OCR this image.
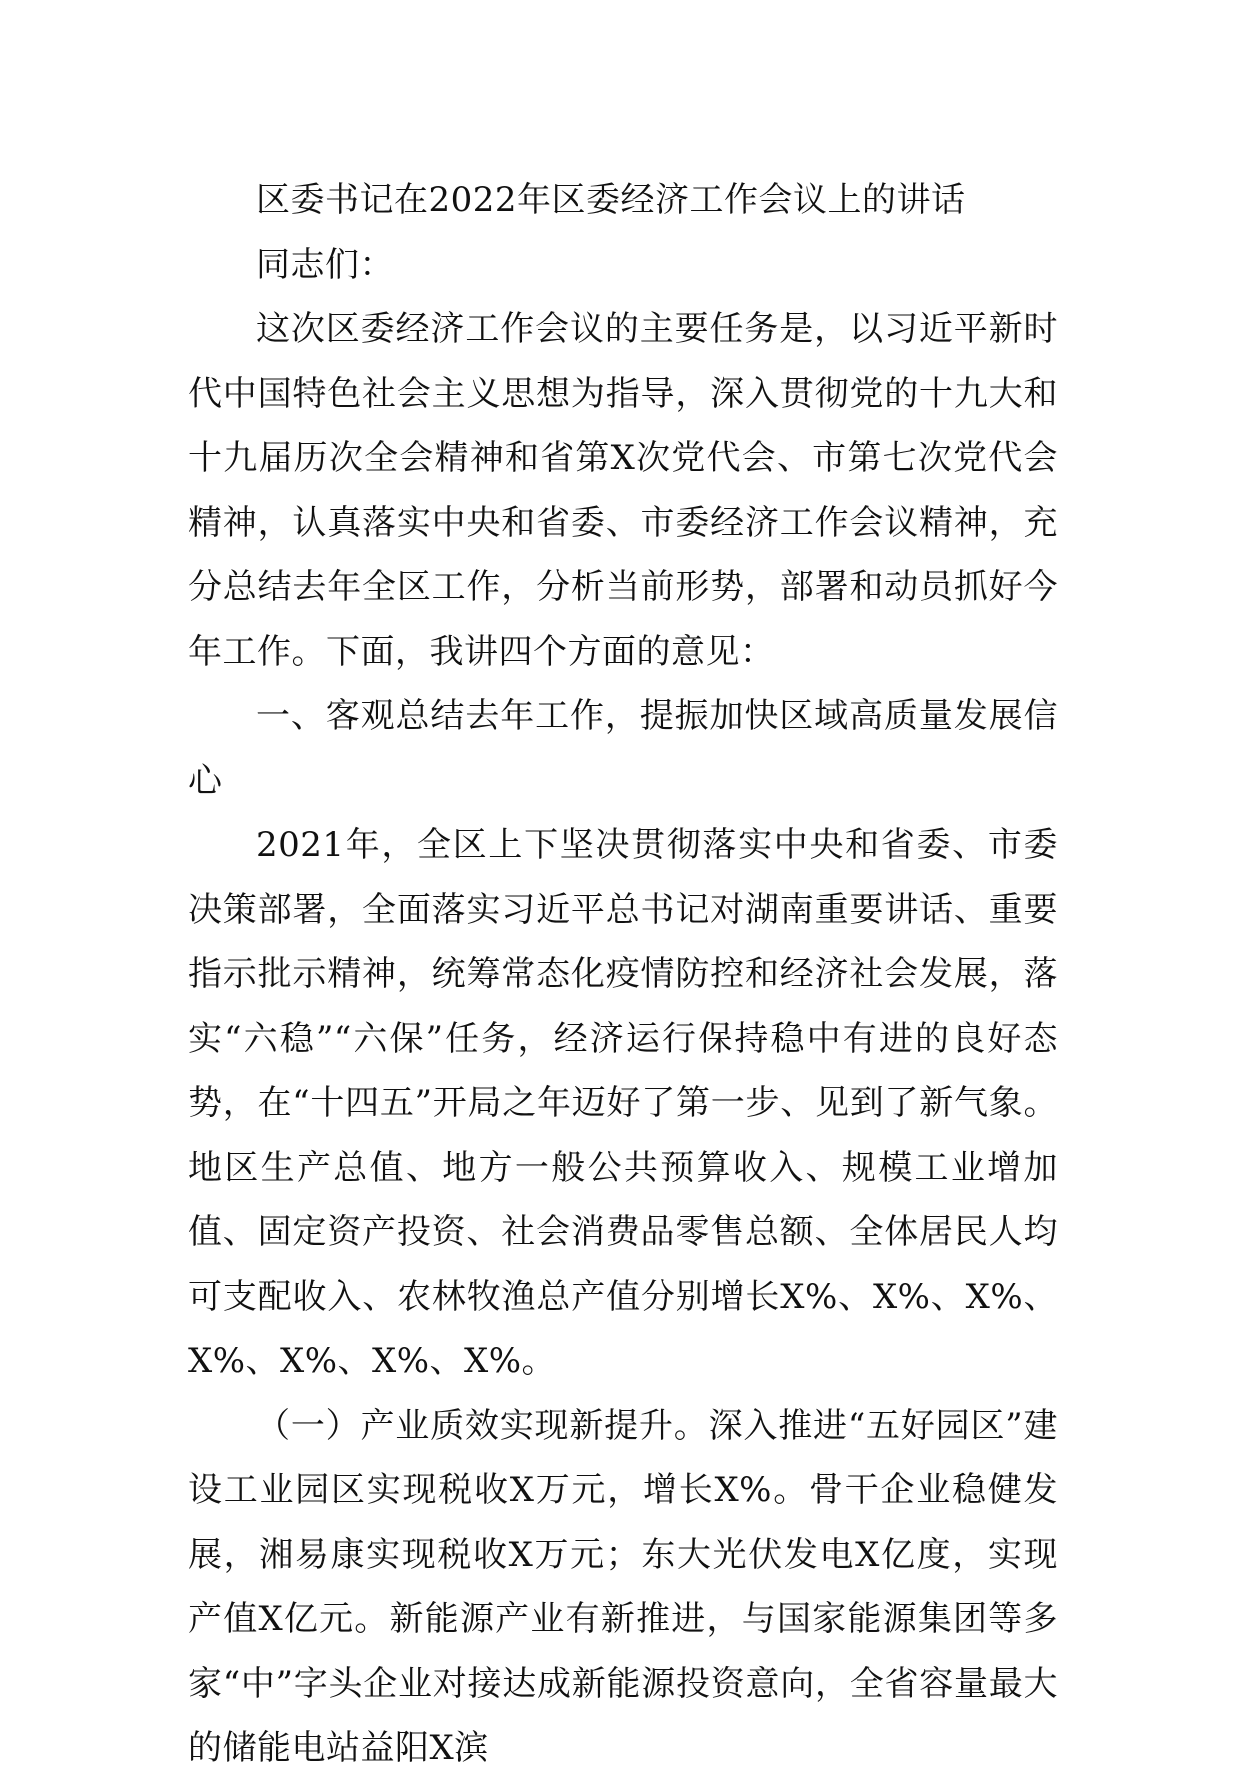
区委书记在2022年区委经济工作会议上的讲话

同志们：

这次区委经济工作会议的主要任务是，以习近平新时代中国特色社会主义思想为指导，深入贯彻党的十九大和十九届历次全会精神和省第X次党代会、市第七次党代会精神，认真落实中央和省委、市委经济工作会议精神，充分总结去年全区工作，分析当前形势，部署和动员抓好今年工作。下面，我讲四个方面的意见：

一、客观总结去年工作，提振加快区域高质量发展信心

2021年，全区上下坚决贯彻落实中央和省委、市委决策部署，全面落实习近平总书记对湖南重要讲话、重要指示批示精神，统筹常态化疫情防控和经济社会发展，落实“六稳”“六保”任务，经济运行保持稳中有进的良好态势，在“十四五”开局之年迈好了第一步、见到了新气象。地区生产总值、地方一般公共预算收入、规模工业增加值、固定资产投资、社会消费品零售总额、全体居民人均可支配收入、农林牧渔总产值分别增长X%、X%、X%、X%、X%、X%、X%。

（一）产业质效实现新提升。深入推进“五好园区”建设工业园区实现税收X万元，增长X%。骨干企业稳健发展，湘易康实现税收X万元；东大光伏发电X亿度，实现产值X亿元。新能源产业有新推进，与国家能源集团等多家“中”字头企业对接达成新能源投资意向，全省容量最大的储能电站益阳X滨
